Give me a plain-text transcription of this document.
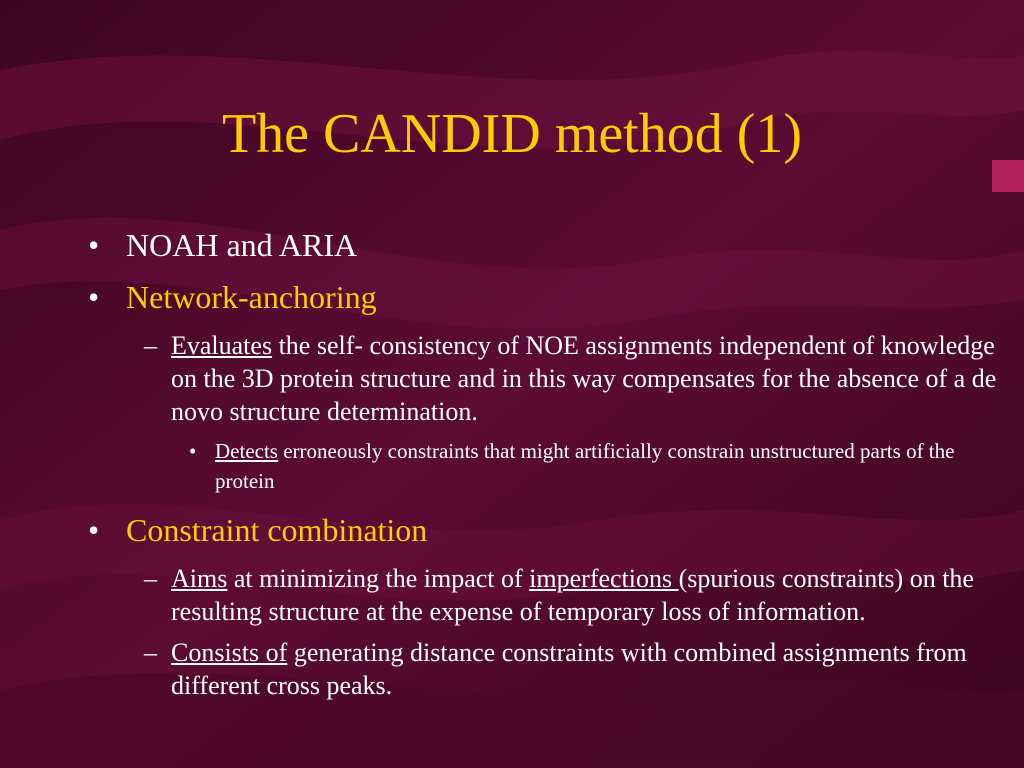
The CANDID method (1)
• NOAH and ARIA
• Network-anchoring
– Evaluates the self- consistency of NOE assignments independent of knowledge on the 3D protein structure and in this way compensates for the absence of a de novo structure determination.
• Detects erroneously constraints that might artificially constrain unstructured parts of the protein
• Constraint combination
– Aims at minimizing the impact of imperfections (spurious constraints) on the resulting structure at the expense of temporary loss of information.
– Consists of generating distance constraints with combined assignments from different cross peaks.
